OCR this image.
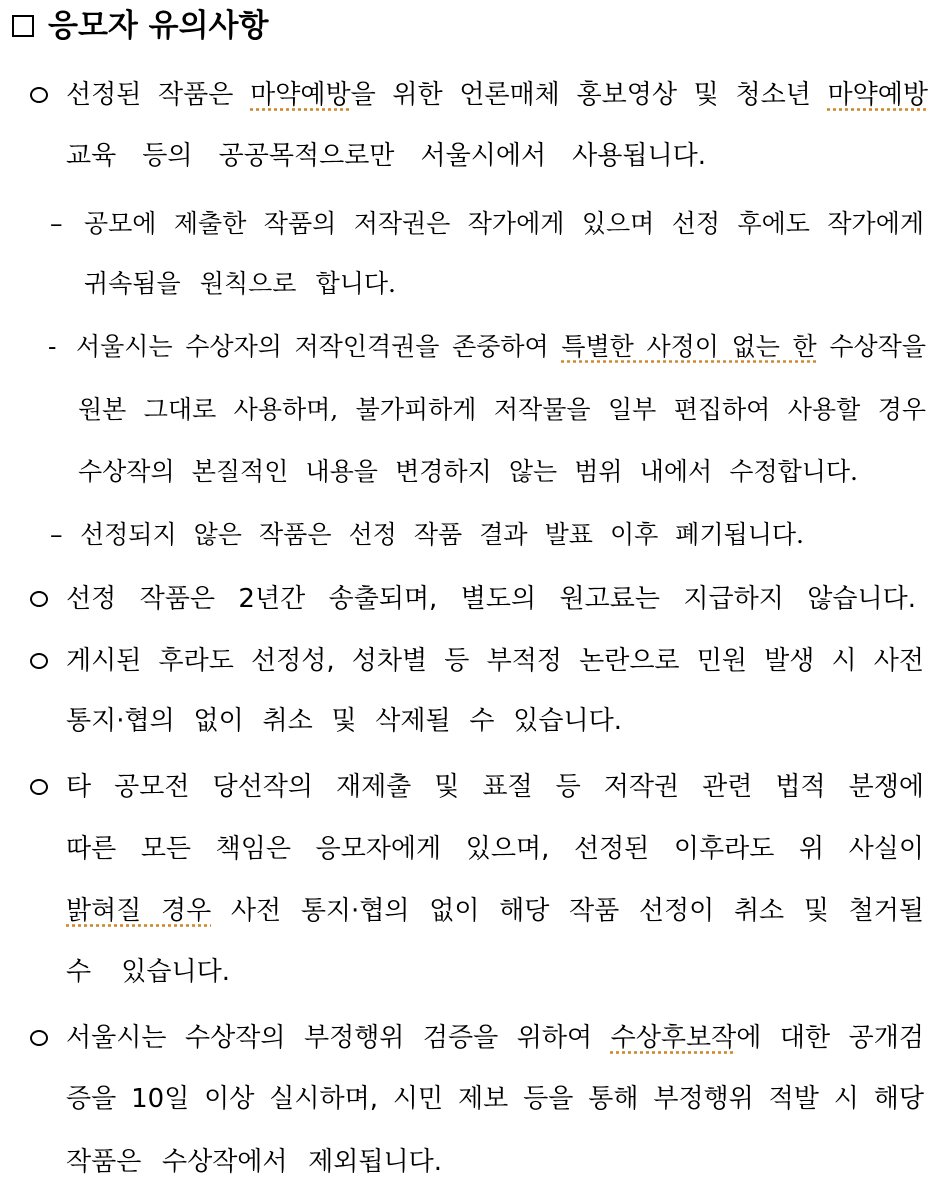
응모자 유의사항
선정된 작품은 마약예방을 위한 언론매체 홍보영상 및 청소년 마약예방
교육 등의 공공목적으로만 서울시에서 사용됩니다.
– 공모에 제출한 작품의 저작권은 작가에게 있으며 선정 후에도 작가에게
귀속됨을 원칙으로 합니다.
- 서울시는 수상자의 저작인격권을 존중하여 특별한 사정이 없는 한 수상작을
원본 그대로 사용하며, 불가피하게 저작물을 일부 편집하여 사용할 경우
수상작의 본질적인 내용을 변경하지 않는 범위 내에서 수정합니다.
– 선정되지 않은 작품은 선정 작품 결과 발표 이후 폐기됩니다.
선정 작품은 2년간 송출되며, 별도의 원고료는 지급하지 않습니다.
게시된 후라도 선정성, 성차별 등 부적정 논란으로 민원 발생 시 사전
통지·협의 없이 취소 및 삭제될 수 있습니다.
타 공모전 당선작의 재제출 및 표절 등 저작권 관련 법적 분쟁에
따른 모든 책임은 응모자에게 있으며, 선정된 이후라도 위 사실이
밝혀질 경우 사전 통지·협의 없이 해당 작품 선정이 취소 및 철거될
수 있습니다.
서울시는 수상작의 부정행위 검증을 위하여 수상후보작에 대한 공개검
증을 10일 이상 실시하며, 시민 제보 등을 통해 부정행위 적발 시 해당
작품은 수상작에서 제외됩니다.
